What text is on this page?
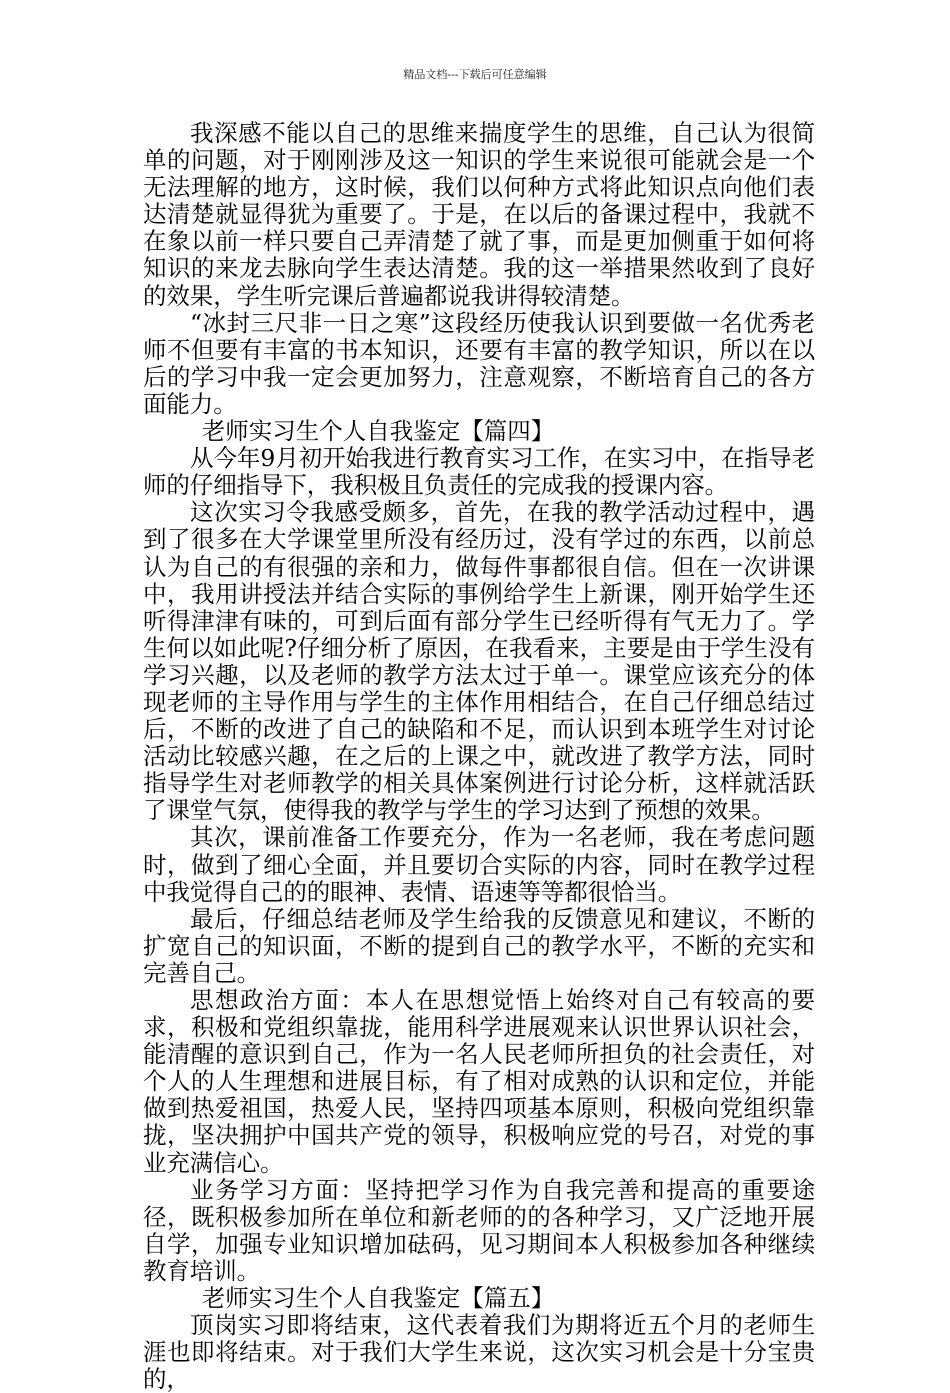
精品文档---下载后可任意编辑

我深感不能以自己的思维来揣度学生的思维，自己认为很简单的问题，对于刚刚涉及这一知识的学生来说很可能就会是一个无法理解的地方，这时候，我们以何种方式将此知识点向他们表达清楚就显得犹为重要了。于是，在以后的备课过程中，我就不在象以前一样只要自己弄清楚了就了事，而是更加侧重于如何将知识的来龙去脉向学生表达清楚。我的这一举措果然收到了良好的效果，学生听完课后普遍都说我讲得较清楚。

“冰封三尺非一日之寒”这段经历使我认识到要做一名优秀老师不但要有丰富的书本知识，还要有丰富的教学知识，所以在以后的学习中我一定会更加努力，注意观察，不断培育自己的各方面能力。

老师实习生个人自我鉴定【篇四】

从今年9月初开始我进行教育实习工作，在实习中，在指导老师的仔细指导下，我积极且负责任的完成我的授课内容。

这次实习令我感受颇多，首先，在我的教学活动过程中，遇到了很多在大学课堂里所没有经历过，没有学过的东西，以前总认为自己的有很强的亲和力，做每件事都很自信。但在一次讲课中，我用讲授法并结合实际的事例给学生上新课，刚开始学生还听得津津有味的，可到后面有部分学生已经听得有气无力了。学生何以如此呢?仔细分析了原因，在我看来，主要是由于学生没有学习兴趣，以及老师的教学方法太过于单一。课堂应该充分的体现老师的主导作用与学生的主体作用相结合，在自己仔细总结过后，不断的改进了自己的缺陷和不足，而认识到本班学生对讨论活动比较感兴趣，在之后的上课之中，就改进了教学方法，同时指导学生对老师教学的相关具体案例进行讨论分析，这样就活跃了课堂气氛，使得我的教学与学生的学习达到了预想的效果。

其次，课前准备工作要充分，作为一名老师，我在考虑问题时，做到了细心全面，并且要切合实际的内容，同时在教学过程中我觉得自己的的眼神、表情、语速等等都很恰当。

最后，仔细总结老师及学生给我的反馈意见和建议，不断的扩宽自己的知识面，不断的提到自己的教学水平，不断的充实和完善自己。

思想政治方面：本人在思想觉悟上始终对自己有较高的要求，积极和党组织靠拢，能用科学进展观来认识世界认识社会，能清醒的意识到自己，作为一名人民老师所担负的社会责任，对个人的人生理想和进展目标，有了相对成熟的认识和定位，并能做到热爱祖国，热爱人民，坚持四项基本原则，积极向党组织靠拢，坚决拥护中国共产党的领导，积极响应党的号召，对党的事业充满信心。

业务学习方面：坚持把学习作为自我完善和提高的重要途径，既积极参加所在单位和新老师的的各种学习，又广泛地开展自学，加强专业知识增加砝码，见习期间本人积极参加各种继续教育培训。

老师实习生个人自我鉴定【篇五】

顶岗实习即将结束，这代表着我们为期将近五个月的老师生涯也即将结束。对于我们大学生来说，这次实习机会是十分宝贵的，
